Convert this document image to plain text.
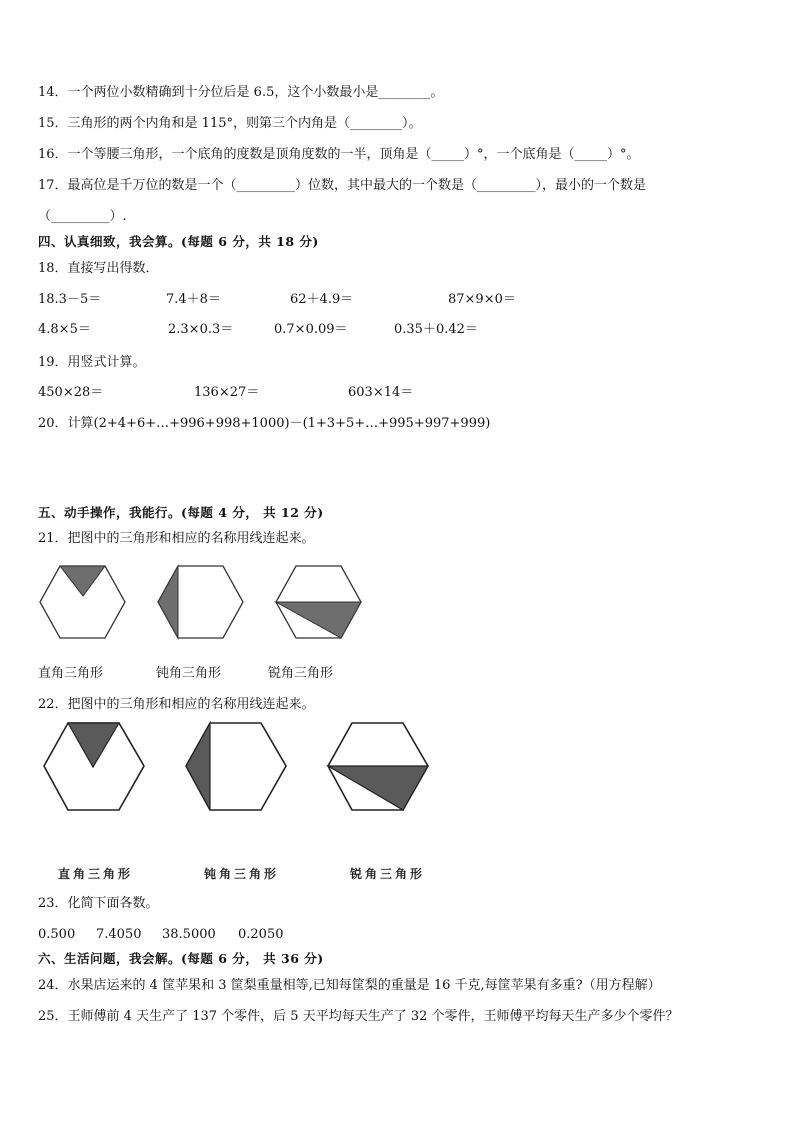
14．一个两位小数精确到十分位后是 6.5，这个小数最小是________。
15．三角形的两个内角和是 115°，则第三个内角是（________）。
16．一个等腰三角形，一个底角的度数是顶角度数的一半，顶角是（_____）°，一个底角是（_____）°。
17．最高位是千万位的数是一个（_________）位数，其中最大的一个数是（_________），最小的一个数是
（_________）.
四、认真细致，我会算。(每题 6 分，共 18 分)
18．直接写出得数．
18.3－5＝	7.4＋8＝	62＋4.9＝	87×9×0＝
4.8×5＝	2.3×0.3＝	0.7×0.09＝	0.35＋0.42＝
19．用竖式计算。
450×28＝	136×27＝	603×14＝
20．计算(2+4+6+…+996+998+1000)－(1+3+5+…+995+997+999)
五、动手操作，我能行。(每题 4 分， 共 12 分)
21．把图中的三角形和相应的名称用线连起来。
直角三角形	钝角三角形	锐角三角形
22．把图中的三角形和相应的名称用线连起来。
直角三角形	钝角三角形	锐角三角形
23．化简下面各数。
0.500 7.4050 38.5000 0.2050
六、生活问题，我会解。(每题 6 分， 共 36 分)
24．水果店运来的 4 筐苹果和 3 筐梨重量相等,已知每筐梨的重量是 16 千克,每筐苹果有多重?（用方程解）
25．王师傅前 4 天生产了 137 个零件，后 5 天平均每天生产了 32 个零件，王师傅平均每天生产多少个零件？
